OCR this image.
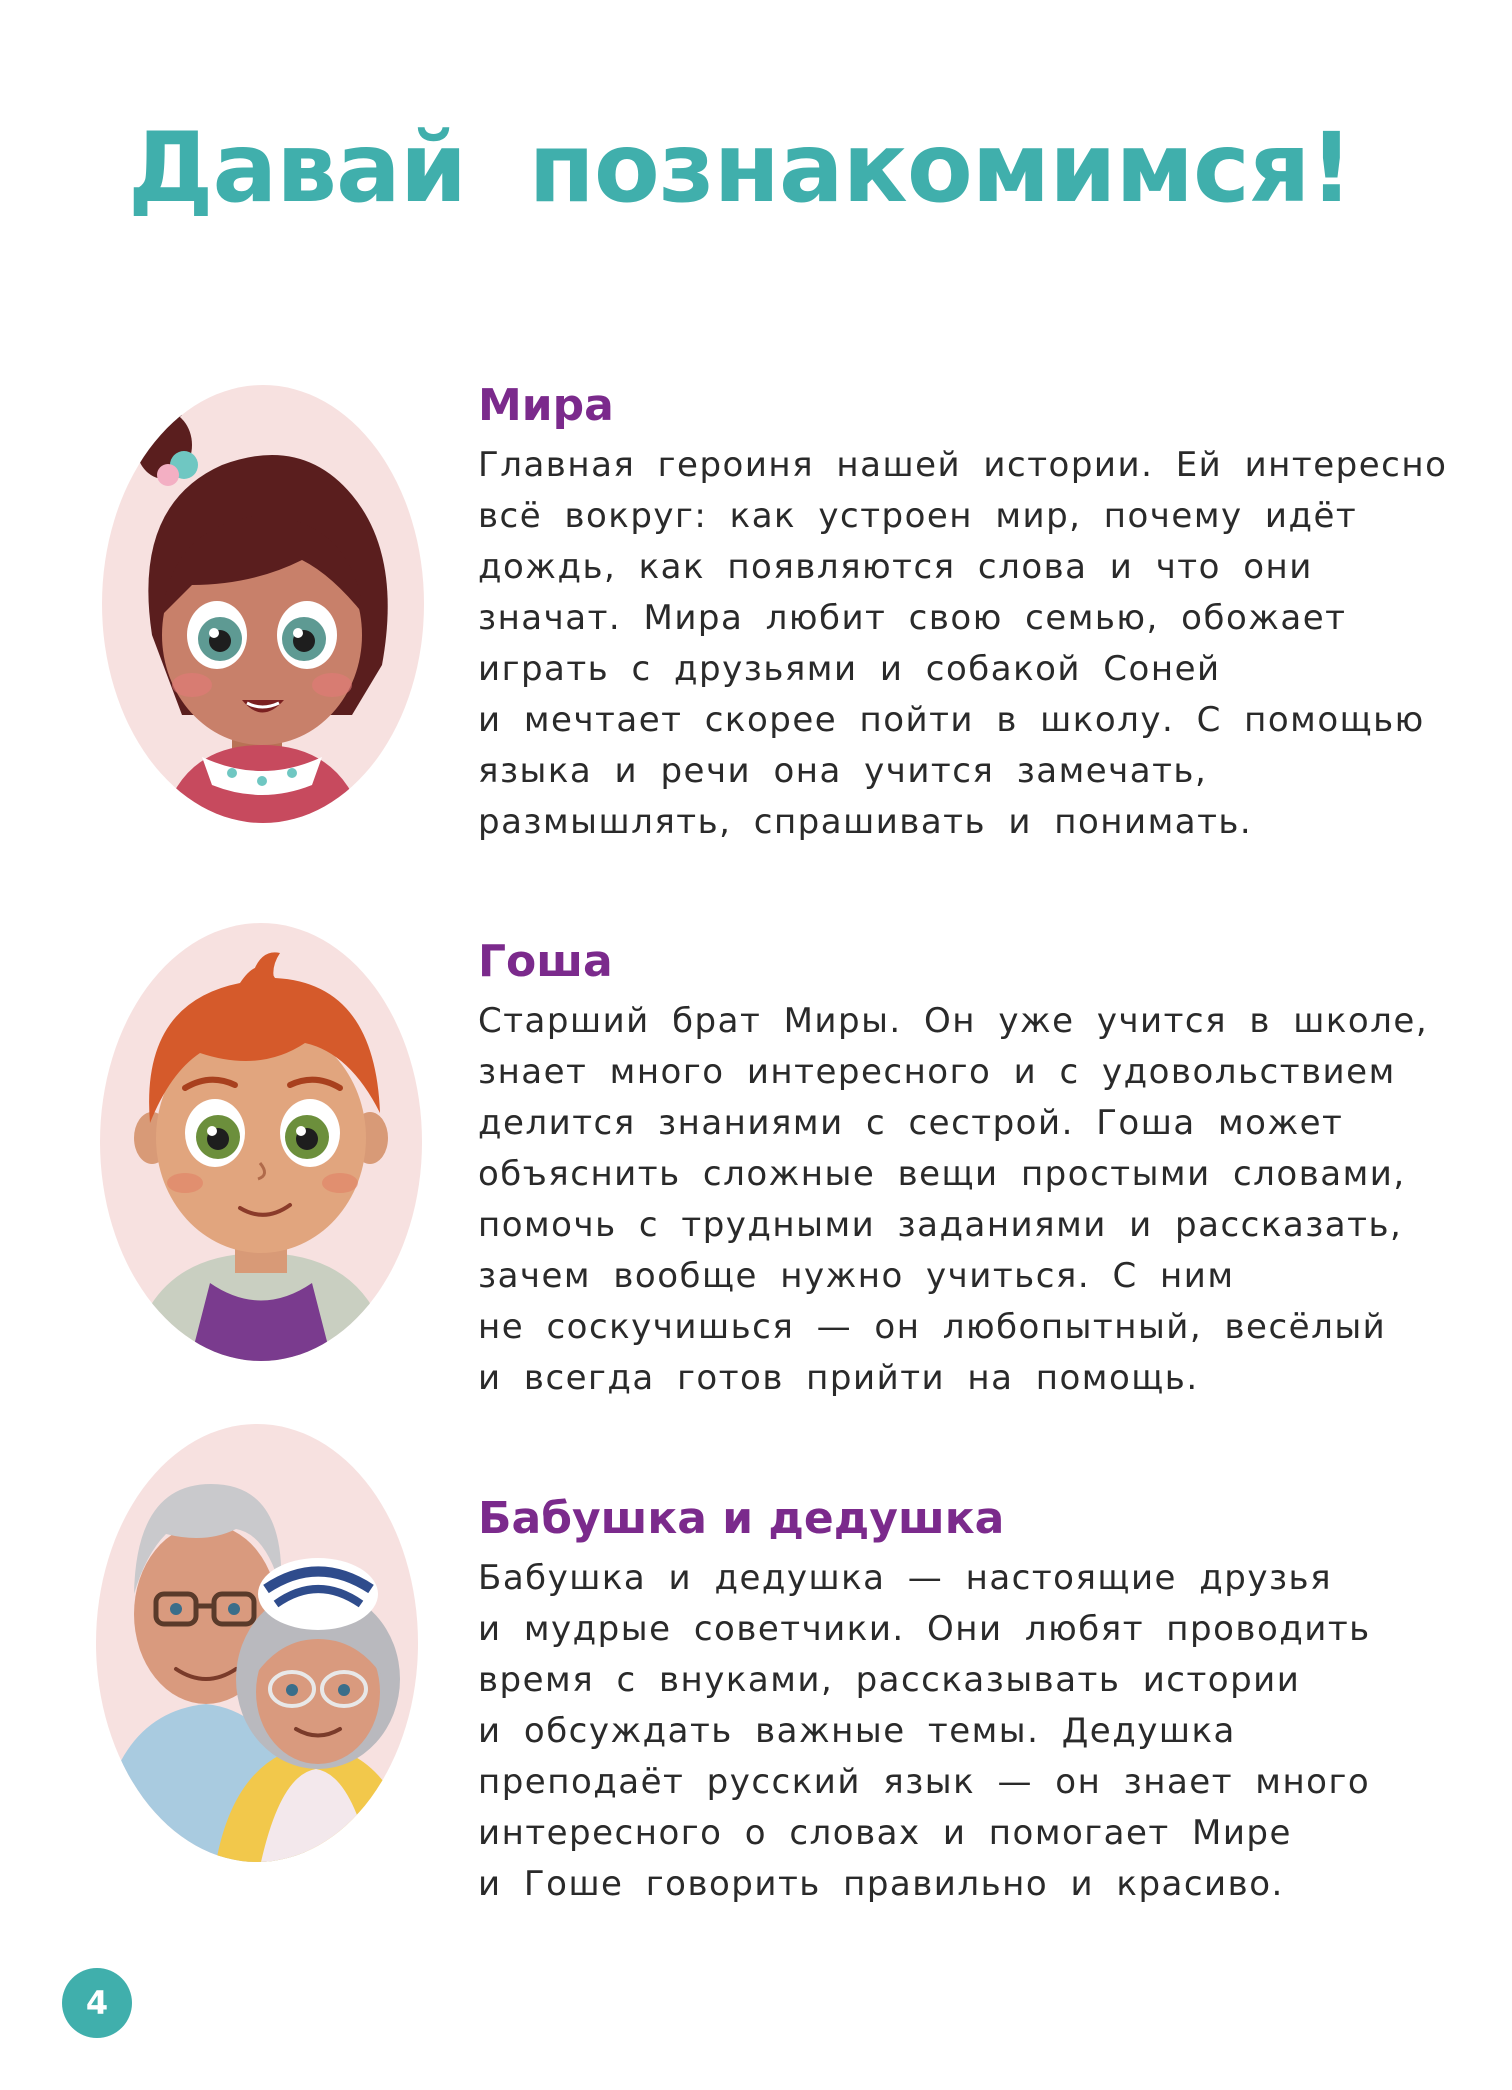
Давай познакомимся!
Мира
Главная героиня нашей истории. Ей интересно
всё вокруг: как устроен мир, почему идёт
дождь, как появляются слова и что они
значат. Мира любит свою семью, обожает
играть с друзьями и собакой Соней
и мечтает скорее пойти в школу. С помощью
языка и речи она учится замечать,
размышлять, спрашивать и понимать.
Гоша
Старший брат Миры. Он уже учится в школе,
знает много интересного и с удовольствием
делится знаниями с сестрой. Гоша может
объяснить сложные вещи простыми словами,
помочь с трудными заданиями и рассказать,
зачем вообще нужно учиться. С ним
не соскучишься — он любопытный, весёлый
и всегда готов прийти на помощь.
Бабушка и дедушка
Бабушка и дедушка — настоящие друзья
и мудрые советчики. Они любят проводить
время с внуками, рассказывать истории
и обсуждать важные темы. Дедушка
преподаёт русский язык — он знает много
интересного о словах и помогает Мире
и Гоше говорить правильно и красиво.
4
